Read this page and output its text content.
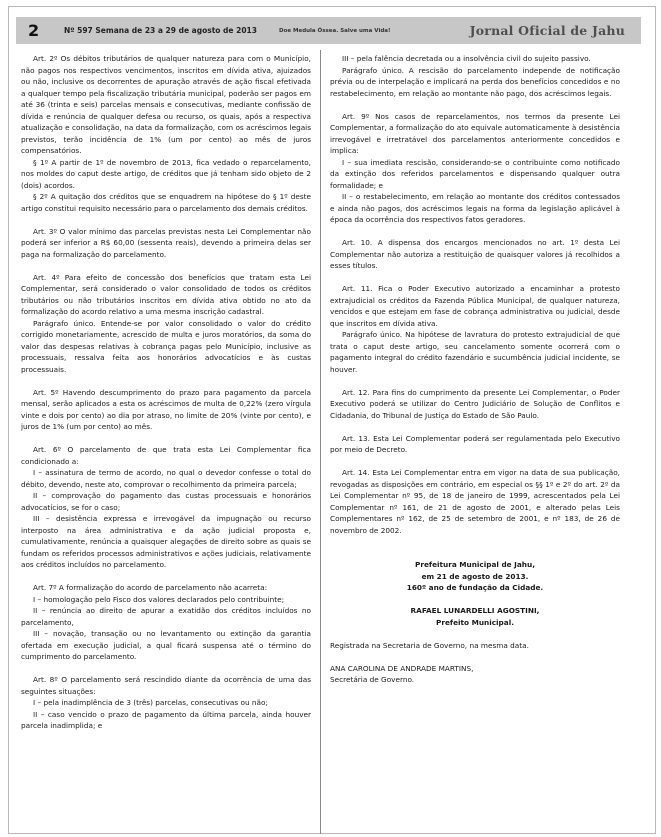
2	Nº 597 Semana de 23 a 29 de agosto de 2013	Doe Medula Óssea. Salve uma Vida!	Jornal Oficial de Jahu

Art. 2º Os débitos tributários de qualquer natureza para com o Município, não pagos nos respectivos vencimentos, inscritos em dívida ativa, ajuizados ou não, inclusive os decorrentes de apuração através de ação fiscal efetivada a qualquer tempo pela fiscalização tributária municipal, poderão ser pagos em até 36 (trinta e seis) parcelas mensais e consecutivas, mediante confissão de dívida e renúncia de qualquer defesa ou recurso, os quais, após a respectiva atualização e consolidação, na data da formalização, com os acréscimos legais previstos, terão incidência de 1% (um por cento) ao mês de juros compensatórios.

§ 1º A partir de 1º de novembro de 2013, fica vedado o reparcelamento, nos moldes do caput deste artigo, de créditos que já tenham sido objeto de 2 (dois) acordos.

§ 2º A quitação dos créditos que se enquadrem na hipótese do § 1º deste artigo constitui requisito necessário para o parcelamento dos demais créditos.

Art. 3º O valor mínimo das parcelas previstas nesta Lei Complementar não poderá ser inferior a R$ 60,00 (sessenta reais), devendo a primeira delas ser paga na formalização do parcelamento.

Art. 4º Para efeito de concessão dos benefícios que tratam esta Lei Complementar, será considerado o valor consolidado de todos os créditos tributários ou não tributários inscritos em dívida ativa obtido no ato da formalização do acordo relativo a uma mesma inscrição cadastral.

Parágrafo único. Entende-se por valor consolidado o valor do crédito corrigido monetariamente, acrescido de multa e juros moratórios, da soma do valor das despesas relativas à cobrança pagas pelo Município, inclusive as processuais, ressalva feita aos honorários advocatícios e às custas processuais.

Art. 5º Havendo descumprimento do prazo para pagamento da parcela mensal, serão aplicados a esta os acréscimos de multa de 0,22% (zero vírgula vinte e dois por cento) ao dia por atraso, no limite de 20% (vinte por cento), e juros de 1% (um por cento) ao mês.

Art. 6º O parcelamento de que trata esta Lei Complementar fica condicionado a:

I – assinatura de termo de acordo, no qual o devedor confesse o total do débito, devendo, neste ato, comprovar o recolhimento da primeira parcela;

II – comprovação do pagamento das custas processuais e honorários advocatícios, se for o caso;

III – desistência expressa e irrevogável da impugnação ou recurso interposto na área administrativa e da ação judicial proposta e, cumulativamente, renúncia a quaisquer alegações de direito sobre as quais se fundam os referidos processos administrativos e ações judiciais, relativamente aos créditos incluídos no parcelamento.

Art. 7º A formalização do acordo de parcelamento não acarreta:

I – homologação pelo Fisco dos valores declarados pelo contribuinte;

II – renúncia ao direito de apurar a exatidão dos créditos incluídos no parcelamento,

III – novação, transação ou no levantamento ou extinção da garantia ofertada em execução judicial, a qual ficará suspensa até o término do cumprimento do parcelamento.

Art. 8º O parcelamento será rescindido diante da ocorrência de uma das seguintes situações:

I – pela inadimplência de 3 (três) parcelas, consecutivas ou não;

II – caso vencido o prazo de pagamento da última parcela, ainda houver parcela inadimplida; e

III – pela falência decretada ou a insolvência civil do sujeito passivo.

Parágrafo único. A rescisão do parcelamento independe de notificação prévia ou de interpelação e implicará na perda dos benefícios concedidos e no restabelecimento, em relação ao montante não pago, dos acréscimos legais.

Art. 9º Nos casos de reparcelamentos, nos termos da presente Lei Complementar, a formalização do ato equivale automaticamente à desistência irrevogável e irretratável dos parcelamentos anteriormente concedidos e implica:

I – sua imediata rescisão, considerando-se o contribuinte como notificado da extinção dos referidos parcelamentos e dispensando qualquer outra formalidade; e

II – o restabelecimento, em relação ao montante dos créditos contessados e ainda não pagos, dos acréscimos legais na forma da legislação aplicável à época da ocorrência dos respectivos fatos geradores.

Art. 10. A dispensa dos encargos mencionados no art. 1º desta Lei Complementar não autoriza a restituição de quaisquer valores já recolhidos a esses títulos.

Art. 11. Fica o Poder Executivo autorizado a encaminhar a protesto extrajudicial os créditos da Fazenda Pública Municipal, de qualquer natureza, vencidos e que estejam em fase de cobrança administrativa ou judicial, desde que inscritos em dívida ativa.

Parágrafo único. Na hipótese de lavratura do protesto extrajudicial de que trata o caput deste artigo, seu cancelamento somente ocorrerá com o pagamento integral do crédito fazendário e sucumbência judicial incidente, se houver.

Art. 12. Para fins do cumprimento da presente Lei Complementar, o Poder Executivo poderá se utilizar do Centro Judiciário de Solução de Conflitos e Cidadania, do Tribunal de Justiça do Estado de São Paulo.

Art. 13. Esta Lei Complementar poderá ser regulamentada pelo Executivo por meio de Decreto.

Art. 14. Esta Lei Complementar entra em vigor na data de sua publicação, revogadas as disposições em contrário, em especial os §§ 1º e 2º do art. 2º da Lei Complementar nº 95, de 18 de janeiro de 1999, acrescentados pela Lei Complementar nº 161, de 21 de agosto de 2001, e alterado pelas Leis Complementares nº 162, de 25 de setembro de 2001, e nº 183, de 26 de novembro de 2002.

Prefeitura Municipal de Jahu,

em 21 de agosto de 2013.

160º ano de fundação da Cidade.

RAFAEL LUNARDELLI AGOSTINI,

Prefeito Municipal.

Registrada na Secretaria de Governo, na mesma data.

ANA CAROLINA DE ANDRADE MARTINS,

Secretária de Governo.
